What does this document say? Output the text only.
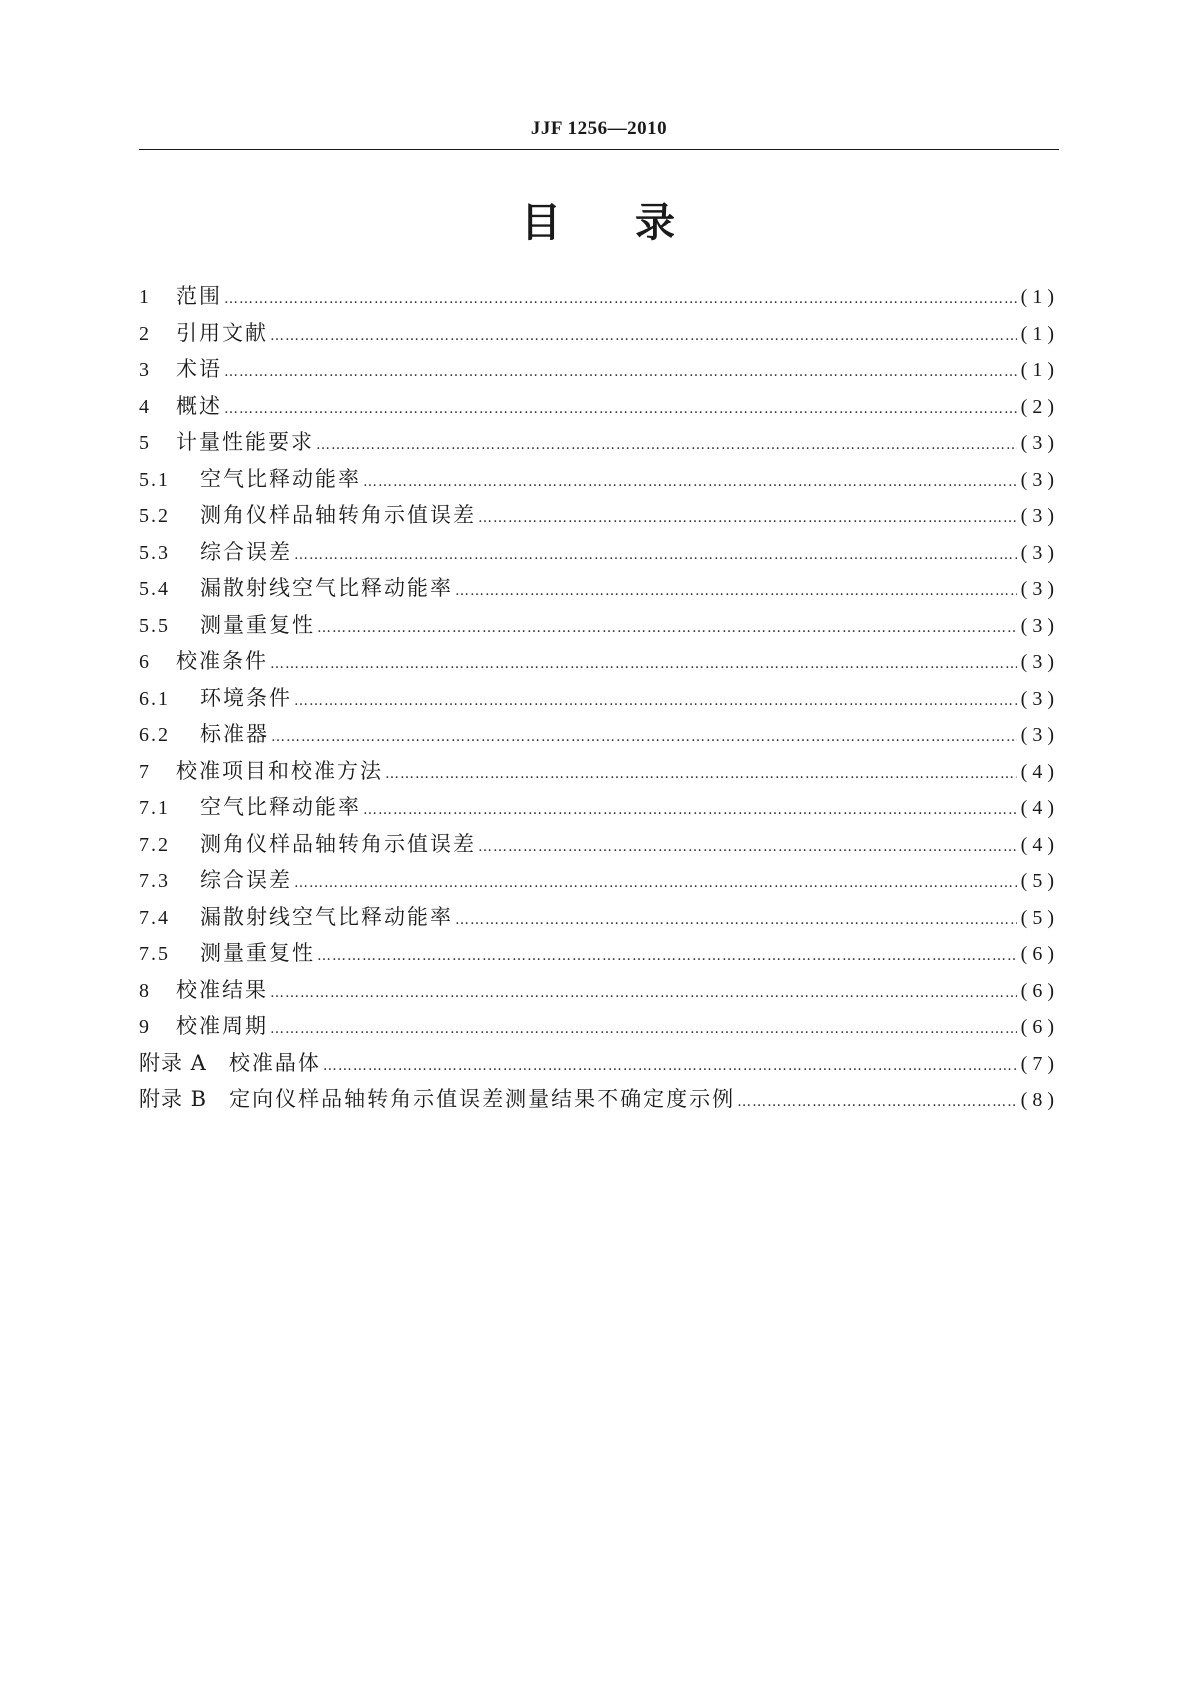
JJF 1256—2010
目 录
1	范围 …………………………………………………………………………………………………………………………………………………………………………………………………………………	(1)
2	引用文献 …………………………………………………………………………………………………………………………………………………………………………………………………………………	(1)
3	术语 …………………………………………………………………………………………………………………………………………………………………………………………………………………	(1)
4	概述 …………………………………………………………………………………………………………………………………………………………………………………………………………………	(2)
5	计量性能要求 …………………………………………………………………………………………………………………………………………………………………………………………………………………	(3)
5.1	空气比释动能率 …………………………………………………………………………………………………………………………………………………………………………………………………………………	(3)
5.2	测角仪样品轴转角示值误差 …………………………………………………………………………………………………………………………………………………………………………………………………………………	(3)
5.3	综合误差 …………………………………………………………………………………………………………………………………………………………………………………………………………………	(3)
5.4	漏散射线空气比释动能率 …………………………………………………………………………………………………………………………………………………………………………………………………………………	(3)
5.5	测量重复性 …………………………………………………………………………………………………………………………………………………………………………………………………………………	(3)
6	校准条件 …………………………………………………………………………………………………………………………………………………………………………………………………………………	(3)
6.1	环境条件 …………………………………………………………………………………………………………………………………………………………………………………………………………………	(3)
6.2	标准器 …………………………………………………………………………………………………………………………………………………………………………………………………………………	(3)
7	校准项目和校准方法 …………………………………………………………………………………………………………………………………………………………………………………………………………………	(4)
7.1	空气比释动能率 …………………………………………………………………………………………………………………………………………………………………………………………………………………	(4)
7.2	测角仪样品轴转角示值误差 …………………………………………………………………………………………………………………………………………………………………………………………………………………	(4)
7.3	综合误差 …………………………………………………………………………………………………………………………………………………………………………………………………………………	(5)
7.4	漏散射线空气比释动能率 …………………………………………………………………………………………………………………………………………………………………………………………………………………	(5)
7.5	测量重复性 …………………………………………………………………………………………………………………………………………………………………………………………………………………	(6)
8	校准结果 …………………………………………………………………………………………………………………………………………………………………………………………………………………	(6)
9	校准周期 …………………………………………………………………………………………………………………………………………………………………………………………………………………	(6)
附录 A 校准晶体 …………………………………………………………………………………………………………………………………………………………………………………………………………………	(7)
附录 B 定向仪样品轴转角示值误差测量结果不确定度示例 …………………………………………………………………………………………………………………………………………………………………………………………………………………	(8)
